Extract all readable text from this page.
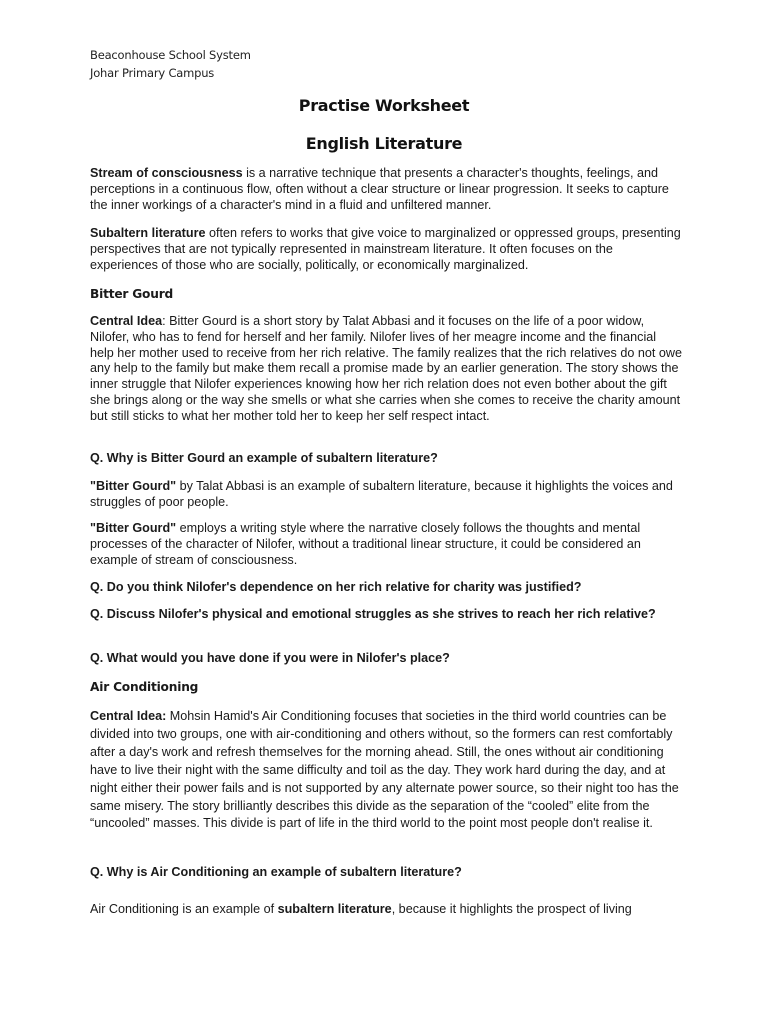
Beaconhouse School System
Johar Primary Campus
Practise Worksheet
English Literature

Stream of consciousness is a narrative technique that presents a character's thoughts, feelings, and perceptions in a continuous flow, often without a clear structure or linear progression. It seeks to capture the inner workings of a character's mind in a fluid and unfiltered manner.

Subaltern literature often refers to works that give voice to marginalized or oppressed groups, presenting perspectives that are not typically represented in mainstream literature. It often focuses on the experiences of those who are socially, politically, or economically marginalized.

Bitter Gourd

Central Idea: Bitter Gourd is a short story by Talat Abbasi and it focuses on the life of a poor widow, Nilofer, who has to fend for herself and her family. Nilofer lives of her meagre income and the financial help her mother used to receive from her rich relative. The family realizes that the rich relatives do not owe any help to the family but make them recall a promise made by an earlier generation. The story shows the inner struggle that Nilofer experiences knowing how her rich relation does not even bother about the gift she brings along or the way she smells or what she carries when she comes to receive the charity amount but still sticks to what her mother told her to keep her self respect intact.

Q. Why is Bitter Gourd an example of subaltern literature?

"Bitter Gourd" by Talat Abbasi is an example of subaltern literature, because it highlights the voices and struggles of poor people.

"Bitter Gourd" employs a writing style where the narrative closely follows the thoughts and mental processes of the character of Nilofer, without a traditional linear structure, it could be considered an example of stream of consciousness.

Q. Do you think Nilofer's dependence on her rich relative for charity was justified?

Q. Discuss Nilofer's physical and emotional struggles as she strives to reach her rich relative?

Q. What would you have done if you were in Nilofer's place?

Air Conditioning

Central Idea: Mohsin Hamid's Air Conditioning focuses that societies in the third world countries can be divided into two groups, one with air-conditioning and others without, so the formers can rest comfortably after a day's work and refresh themselves for the morning ahead. Still, the ones without air conditioning have to live their night with the same difficulty and toil as the day. They work hard during the day, and at night either their power fails and is not supported by any alternate power source, so their night too has the same misery. The story brilliantly describes this divide as the separation of the “cooled” elite from the “uncooled” masses. This divide is part of life in the third world to the point most people don't realise it.

Q. Why is Air Conditioning an example of subaltern literature?

Air Conditioning is an example of subaltern literature, because it highlights the prospect of living
